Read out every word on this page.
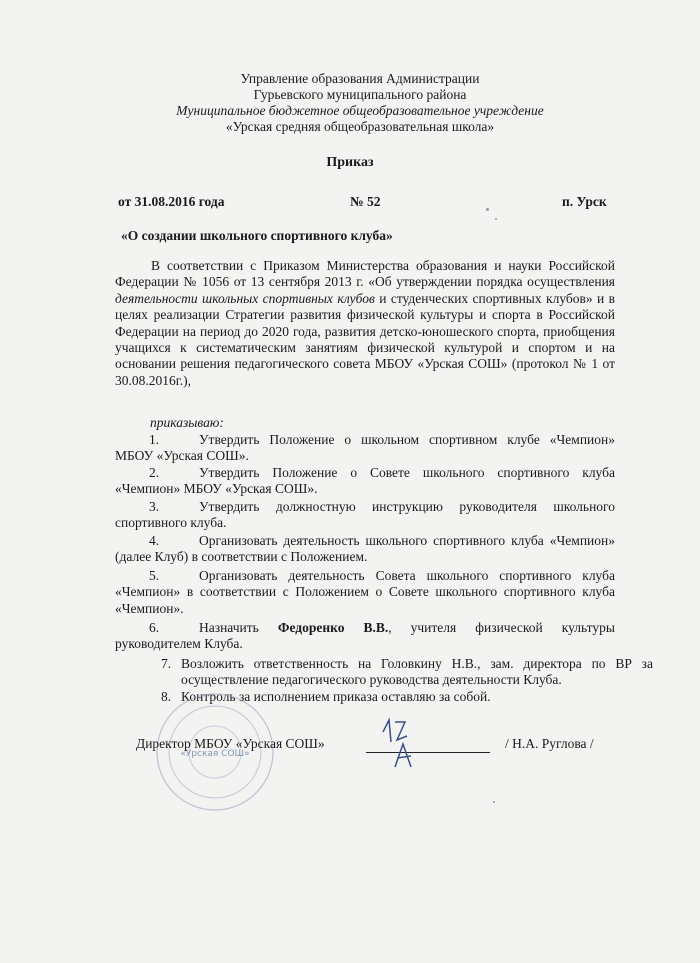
Управление образования Администрации
Гурьевского муниципального района
Муниципальное бюджетное общеобразовательное учреждение
«Урская средняя общеобразовательная школа»
Приказ
от 31.08.2016 года	№ 52	п. Урск
«О создании школьного спортивного клуба»

В соответствии с Приказом Министерства образования и науки Российской Федерации № 1056 от 13 сентября 2013 г. «Об утверждении порядка осуществления деятельности школьных спортивных клубов и студенческих спортивных клубов» и в целях реализации Стратегии развития физической культуры и спорта в Российской Федерации на период до 2020 года, развития детско-юношеского спорта, приобщения учащихся к систематическим занятиям физической культурой и спортом и на основании решения педагогического совета МБОУ «Урская СОШ» (протокол № 1 от 30.08.2016г.),

приказываю:
1.	Утвердить Положение о школьном спортивном клубе «Чемпион» МБОУ «Урская СОШ».
2.	Утвердить Положение о Совете школьного спортивного клуба «Чемпион» МБОУ «Урская СОШ».
3.	Утвердить должностную инструкцию руководителя школьного спортивного клуба.
4.	Организовать деятельность школьного спортивного клуба «Чемпион» (далее Клуб) в соответствии с Положением.
5.	Организовать деятельность Совета школьного спортивного клуба «Чемпион» в соответствии с Положением о Совете школьного спортивного клуба «Чемпион».
6.	Назначить Федоренко В.В., учителя физической культуры руководителем Клуба.
7. Возложить ответственность на Головкину Н.В., зам. директора по ВР за осуществление педагогического руководства деятельности Клуба.
8. Контроль за исполнением приказа оставляю за собой.
«Урская СОШ»
Директор МБОУ «Урская СОШ»	/ Н.А. Руглова /
